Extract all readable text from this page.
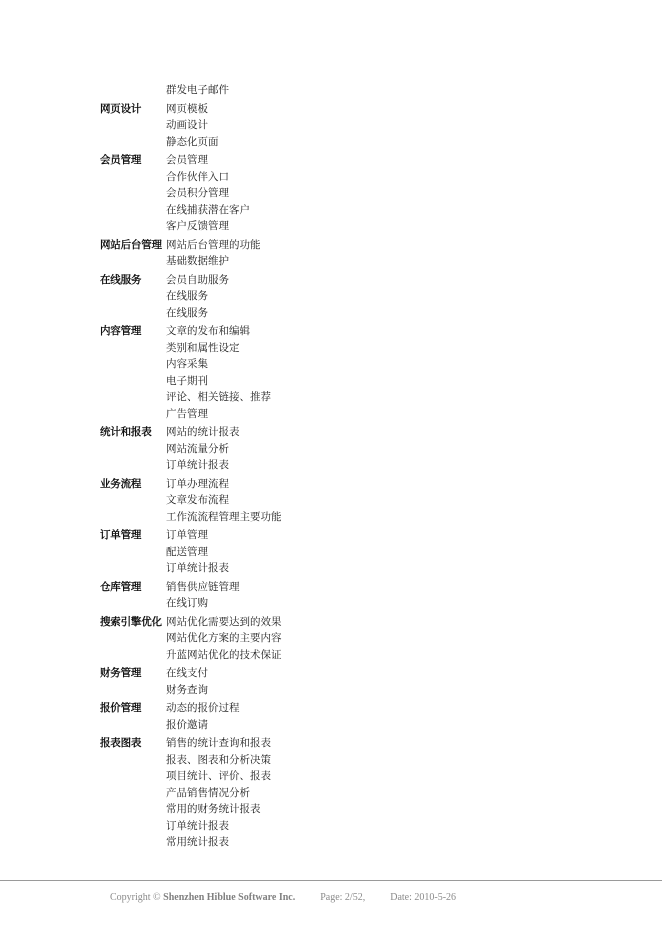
群发电子邮件
网页设计	网页模板
动画设计
静态化页面
会员管理	会员管理
合作伙伴入口
会员积分管理
在线捕获潜在客户
客户反馈管理
网站后台管理 网站后台管理的功能
基础数据维护
在线服务	会员自助服务
在线服务
在线服务
内容管理	文章的发布和编辑
类别和属性设定
内容采集
电子期刊
评论、相关链接、推荐
广告管理
统计和报表	网站的统计报表
网站流量分析
订单统计报表
业务流程	订单办理流程
文章发布流程
工作流流程管理主要功能
订单管理	订单管理
配送管理
订单统计报表
仓库管理	销售供应链管理
在线订购
搜索引擎优化 网站优化需要达到的效果
网站优化方案的主要内容
升蓝网站优化的技术保证
财务管理	在线支付
财务查询
报价管理	动态的报价过程
报价邀请
报表图表	销售的统计查询和报表
报表、图表和分析决策
项目统计、评价、报表
产品销售情况分析
常用的财务统计报表
订单统计报表
常用统计报表
Copyright © Shenzhen Hiblue Software Inc.	Page: 2/52,	Date: 2010-5-26
